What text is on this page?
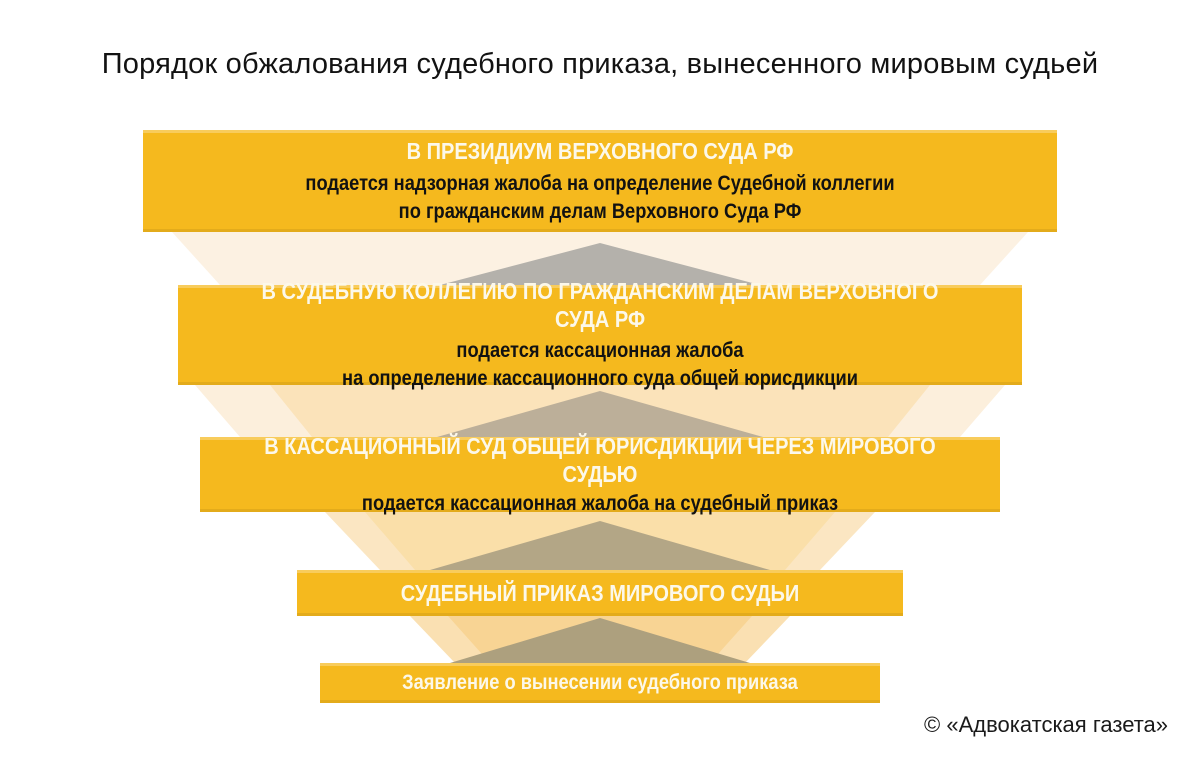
Порядок обжалования судебного приказа, вынесенного мировым судьей
В ПРЕЗИДИУМ ВЕРХОВНОГО СУДА РФ
подается надзорная жалоба на определение Судебной коллегии
по гражданским делам Верховного Суда РФ
В СУДЕБНУЮ КОЛЛЕГИЮ ПО ГРАЖДАНСКИМ ДЕЛАМ ВЕРХОВНОГО СУДА РФ
подается кассационная жалоба
на определение кассационного суда общей юрисдикции
В КАССАЦИОННЫЙ СУД ОБЩЕЙ ЮРИСДИКЦИИ ЧЕРЕЗ МИРОВОГО СУДЬЮ
подается кассационная жалоба на судебный приказ
СУДЕБНЫЙ ПРИКАЗ МИРОВОГО СУДЬИ
Заявление о вынесении судебного приказа
© «Адвокатская газета»
